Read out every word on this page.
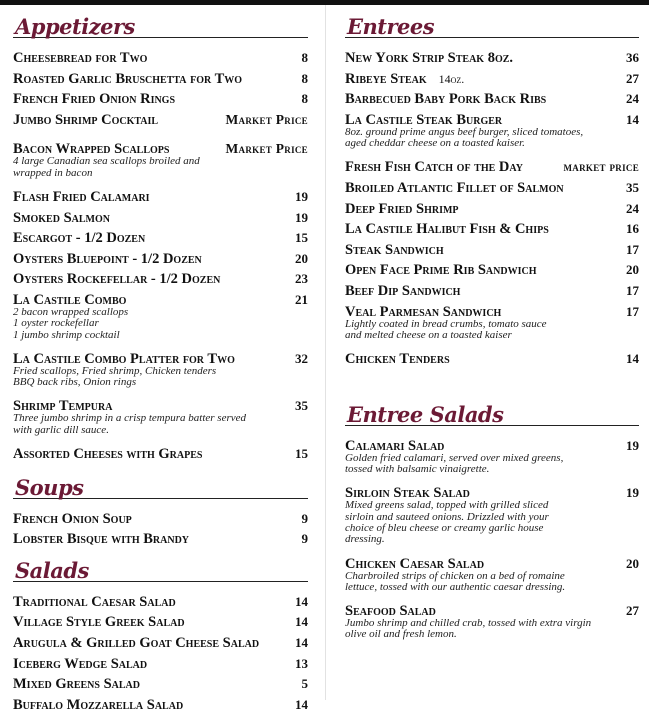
Appetizers
Cheesebread for Two	8
Roasted Garlic Bruschetta for Two	8
French Fried Onion Rings	8
Jumbo Shrimp Cocktail	Market Price
Bacon Wrapped Scallops	Market Price
4 large Canadian sea scallops broiled and
wrapped in bacon
Flash Fried Calamari	19
Smoked Salmon	19
Escargot - 1/2 Dozen	15
Oysters Bluepoint - 1/2 Dozen	20
Oysters Rockefellar - 1/2 Dozen	23
La Castile Combo	21
2 bacon wrapped scallops
1 oyster rockefellar
1 jumbo shrimp cocktail
La Castile Combo Platter for Two	32
Fried scallops, Fried shrimp, Chicken tenders
BBQ back ribs, Onion rings
Shrimp Tempura	35
Three jumbo shrimp in a crisp tempura batter served
with garlic dill sauce.
Assorted Cheeses with Grapes	15
Soups
French Onion Soup	9
Lobster Bisque with Brandy	9
Salads
Traditional Caesar Salad	14
Village Style Greek Salad	14
Arugula & Grilled Goat Cheese Salad	14
Iceberg Wedge Salad	13
Mixed Greens Salad	5
Buffalo Mozzarella Salad	14
Entrees
New York Strip Steak 8oz.	36
Ribeye Steak 14oz.	27
Barbecued Baby Pork Back Ribs	24
La Castile Steak Burger	14
8oz. ground prime angus beef burger, sliced tomatoes,
aged cheddar cheese on a toasted kaiser.
Fresh Fish Catch of the Day	market price
Broiled Atlantic Fillet of Salmon	35
Deep Fried Shrimp	24
La Castile Halibut Fish & Chips	16
Steak Sandwich	17
Open Face Prime Rib Sandwich	20
Beef Dip Sandwich	17
Veal Parmesan Sandwich	17
Lightly coated in bread crumbs, tomato sauce
and melted cheese on a toasted kaiser
Chicken Tenders	14
Entree Salads
Calamari Salad	19
Golden fried calamari, served over mixed greens,
tossed with balsamic vinaigrette.
Sirloin Steak Salad	19
Mixed greens salad, topped with grilled sliced
sirloin and sauteed onions. Drizzled with your
choice of bleu cheese or creamy garlic house
dressing.
Chicken Caesar Salad	20
Charbroiled strips of chicken on a bed of romaine
lettuce, tossed with our authentic caesar dressing.
Seafood Salad	27
Jumbo shrimp and chilled crab, tossed with extra virgin
olive oil and fresh lemon.
